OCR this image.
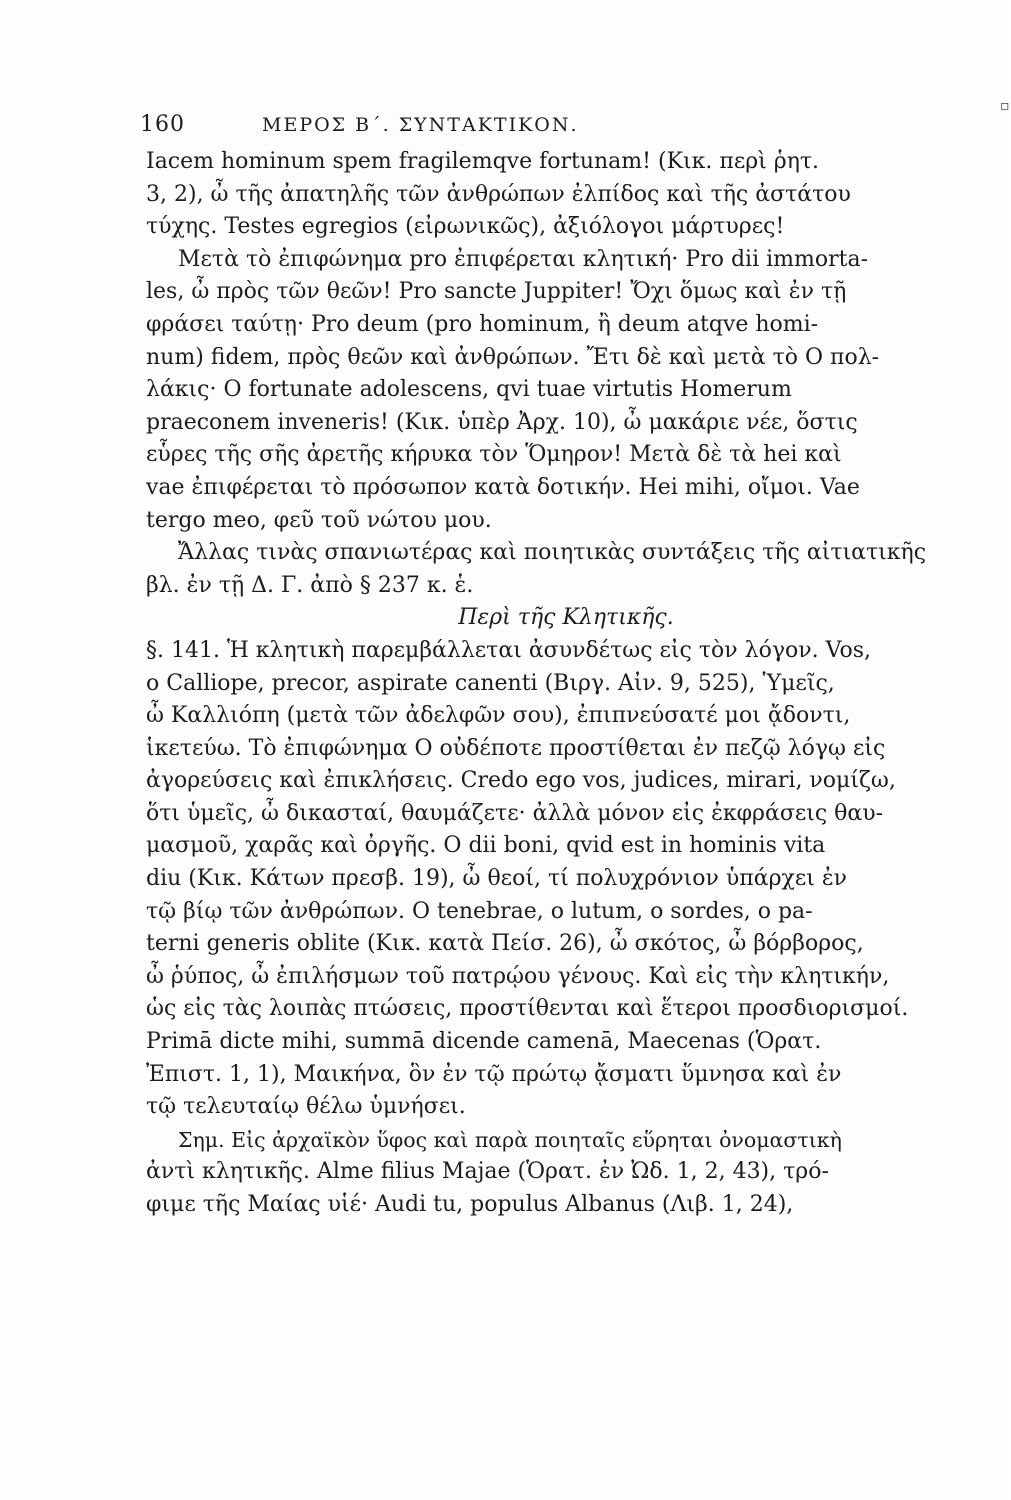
160	ΜΕΡΟΣ Β΄. ΣΥΝΤΑΚΤΙΚΟΝ.
▫
Iacem hominum spem fragilemqve fortunam! (Κικ. περὶ ῥητ.
3, 2), ὦ τῆς ἀπατηλῆς τῶν ἀνθρώπων ἐλπίδος καὶ τῆς ἀστάτου
τύχης. Testes egregios (εἰρωνικῶς), ἀξιόλογοι μάρτυρες!
Μετὰ τὸ ἐπιφώνημα pro ἐπιφέρεται κλητική· Pro dii immorta-
les, ὦ πρὸς τῶν θεῶν! Pro sancte Juppiter! Ὄχι ὅμως καὶ ἐν τῇ
φράσει ταύτῃ· Pro deum (pro hominum, ἢ deum atqve homi-
num) fidem, πρὸς θεῶν καὶ ἀνθρώπων. Ἔτι δὲ καὶ μετὰ τὸ O πολ-
λάκις· O fortunate adolescens, qvi tuae virtutis Homerum
praeconem inveneris! (Κικ. ὑπὲρ Ἀρχ. 10), ὦ μακάριε νέε, ὅστις
εὗρες τῆς σῆς ἀρετῆς κήρυκα τὸν Ὅμηρον! Μετὰ δὲ τὰ hei καὶ
vae ἐπιφέρεται τὸ πρόσωπον κατὰ δοτικήν. Hei mihi, οἴμοι. Vae
tergo meo, φεῦ τοῦ νώτου μου.
Ἄλλας τινὰς σπανιωτέρας καὶ ποιητικὰς συντάξεις τῆς αἰτιατικῆς
βλ. ἐν τῇ Δ. Γ. ἀπὸ § 237 κ. ἑ.
Περὶ τῆς Κλητικῆς.
§. 141. Ἡ κλητικὴ παρεμβάλλεται ἀσυνδέτως εἰς τὸν λόγον. Vos,
o Calliope, precor, aspirate canenti (Βιργ. Αἰν. 9, 525), Ὑμεῖς,
ὦ Καλλιόπη (μετὰ τῶν ἀδελφῶν σου), ἐπιπνεύσατέ μοι ᾄδοντι,
ἱκετεύω. Τὸ ἐπιφώνημα O οὐδέποτε προστίθεται ἐν πεζῷ λόγῳ εἰς
ἀγορεύσεις καὶ ἐπικλήσεις. Credo ego vos, judices, mirari, νομίζω,
ὅτι ὑμεῖς, ὦ δικασταί, θαυμάζετε· ἀλλὰ μόνον εἰς ἐκφράσεις θαυ-
μασμοῦ, χαρᾶς καὶ ὀργῆς. O dii boni, qvid est in hominis vita
diu (Κικ. Κάτων πρεσβ. 19), ὦ θεοί, τί πολυχρόνιον ὑπάρχει ἐν
τῷ βίῳ τῶν ἀνθρώπων. O tenebrae, o lutum, o sordes, o pa-
terni generis oblite (Κικ. κατὰ Πείσ. 26), ὦ σκότος, ὦ βόρβορος,
ὦ ῥύπος, ὦ ἐπιλήσμων τοῦ πατρῴου γένους. Καὶ εἰς τὴν κλητικήν,
ὡς εἰς τὰς λοιπὰς πτώσεις, προστίθενται καὶ ἕτεροι προσδιορισμοί.
Primā dicte mihi, summā dicende camenā, Maecenas (Ὁρατ.
Ἐπιστ. 1, 1), Μαικήνα, ὃν ἐν τῷ πρώτῳ ᾄσματι ὕμνησα καὶ ἐν
τῷ τελευταίῳ θέλω ὑμνήσει.
Σημ. Εἰς ἀρχαϊκὸν ὕφος καὶ παρὰ ποιηταῖς εὕρηται ὀνομαστικὴ
ἀντὶ κλητικῆς. Alme filius Majae (Ὁρατ. ἐν Ὠδ. 1, 2, 43), τρό-
φιμε τῆς Μαίας υἱέ· Audi tu, populus Albanus (Λιβ. 1, 24),
